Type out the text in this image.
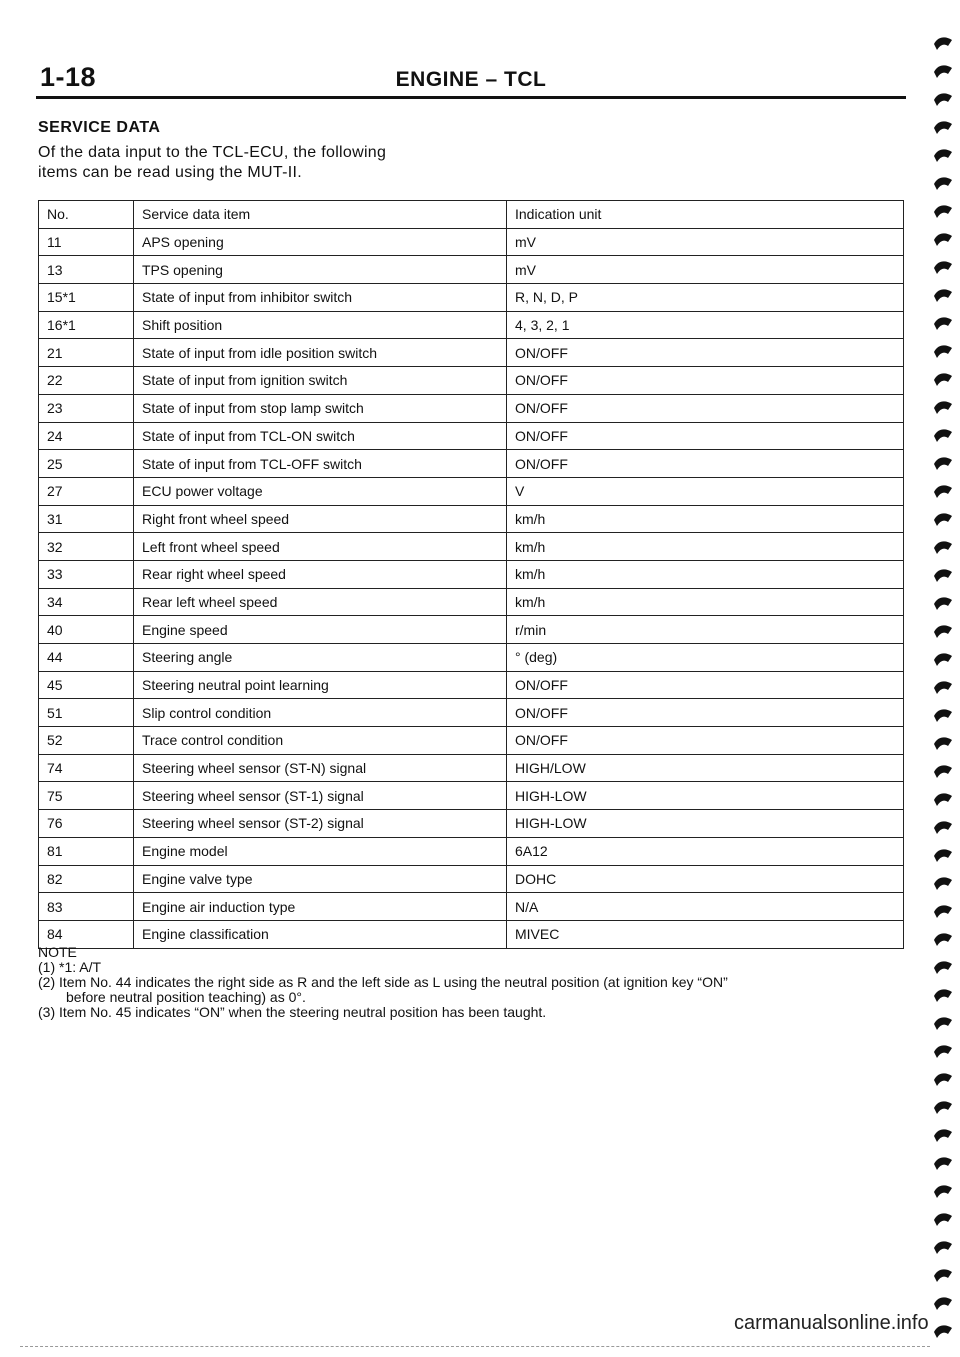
1-18	ENGINE – TCL
SERVICE DATA
Of the data input to the TCL-ECU, the following
items can be read using the MUT-II.
No.	Service data item	Indication unit
11	APS opening	mV
13	TPS opening	mV
15*1	State of input from inhibitor switch	R, N, D, P
16*1	Shift position	4, 3, 2, 1
21	State of input from idle position switch	ON/OFF
22	State of input from ignition switch	ON/OFF
23	State of input from stop lamp switch	ON/OFF
24	State of input from TCL-ON switch	ON/OFF
25	State of input from TCL-OFF switch	ON/OFF
27	ECU power voltage	V
31	Right front wheel speed	km/h
32	Left front wheel speed	km/h
33	Rear right wheel speed	km/h
34	Rear left wheel speed	km/h
40	Engine speed	r/min
44	Steering angle	° (deg)
45	Steering neutral point learning	ON/OFF
51	Slip control condition	ON/OFF
52	Trace control condition	ON/OFF
74	Steering wheel sensor (ST-N) signal	HIGH/LOW
75	Steering wheel sensor (ST-1) signal	HIGH-LOW
76	Steering wheel sensor (ST-2) signal	HIGH-LOW
81	Engine model	6A12
82	Engine valve type	DOHC
83	Engine air induction type	N/A
84	Engine classification	MIVEC
NOTE
(1) *1: A/T
(2) Item No. 44 indicates the right side as R and the left side as L using the neutral position (at ignition key “ON”
before neutral position teaching) as 0°.
(3) Item No. 45 indicates “ON” when the steering neutral position has been taught.
carmanualsonline.info
